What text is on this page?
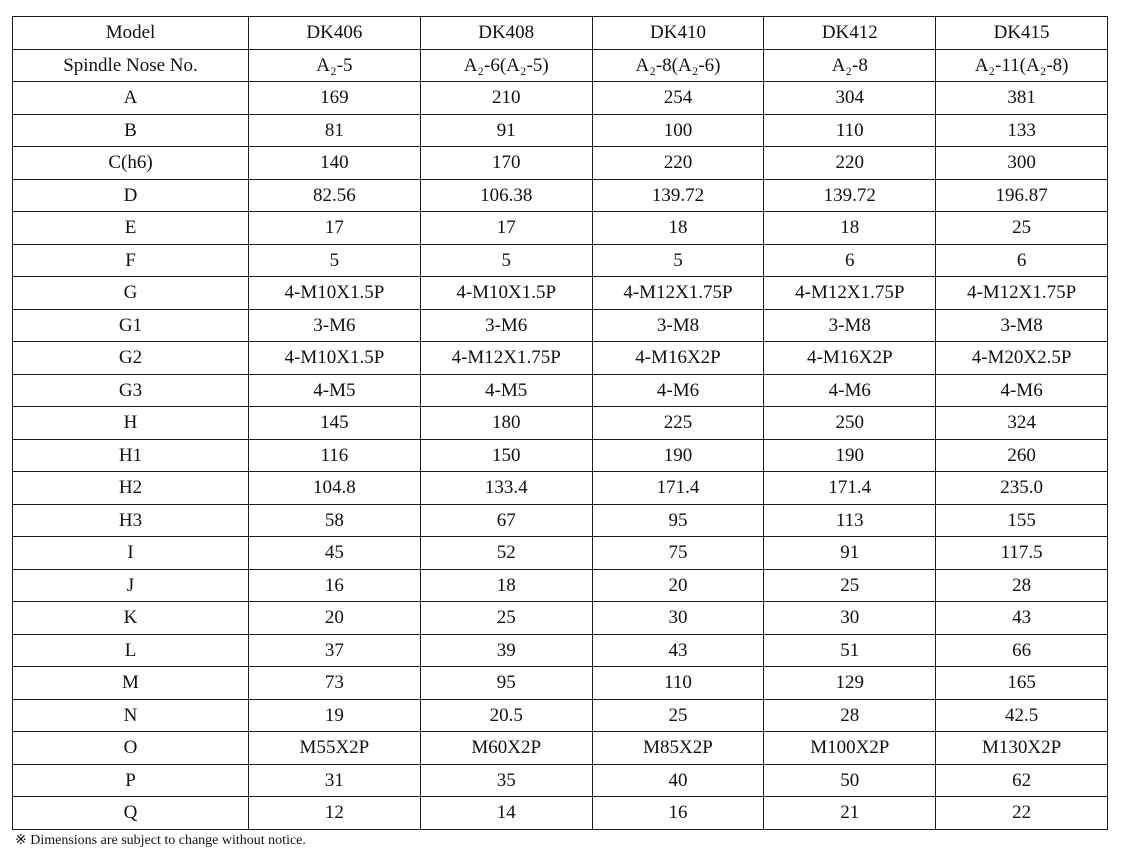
Model	DK406	DK408	DK410	DK412	DK415
Spindle Nose No.	A₂-5	A₂-6(A₂-5)	A₂-8(A₂-6)	A₂-8	A₂-11(A₂-8)
A	169	210	254	304	381
B	81	91	100	110	133
C(h6)	140	170	220	220	300
D	82.56	106.38	139.72	139.72	196.87
E	17	17	18	18	25
F	5	5	5	6	6
G	4-M10X1.5P	4-M10X1.5P	4-M12X1.75P	4-M12X1.75P	4-M12X1.75P
G1	3-M6	3-M6	3-M8	3-M8	3-M8
G2	4-M10X1.5P	4-M12X1.75P	4-M16X2P	4-M16X2P	4-M20X2.5P
G3	4-M5	4-M5	4-M6	4-M6	4-M6
H	145	180	225	250	324
H1	116	150	190	190	260
H2	104.8	133.4	171.4	171.4	235.0
H3	58	67	95	113	155
I	45	52	75	91	117.5
J	16	18	20	25	28
K	20	25	30	30	43
L	37	39	43	51	66
M	73	95	110	129	165
N	19	20.5	25	28	42.5
O	M55X2P	M60X2P	M85X2P	M100X2P	M130X2P
P	31	35	40	50	62
Q	12	14	16	21	22
※ Dimensions are subject to change without notice.
